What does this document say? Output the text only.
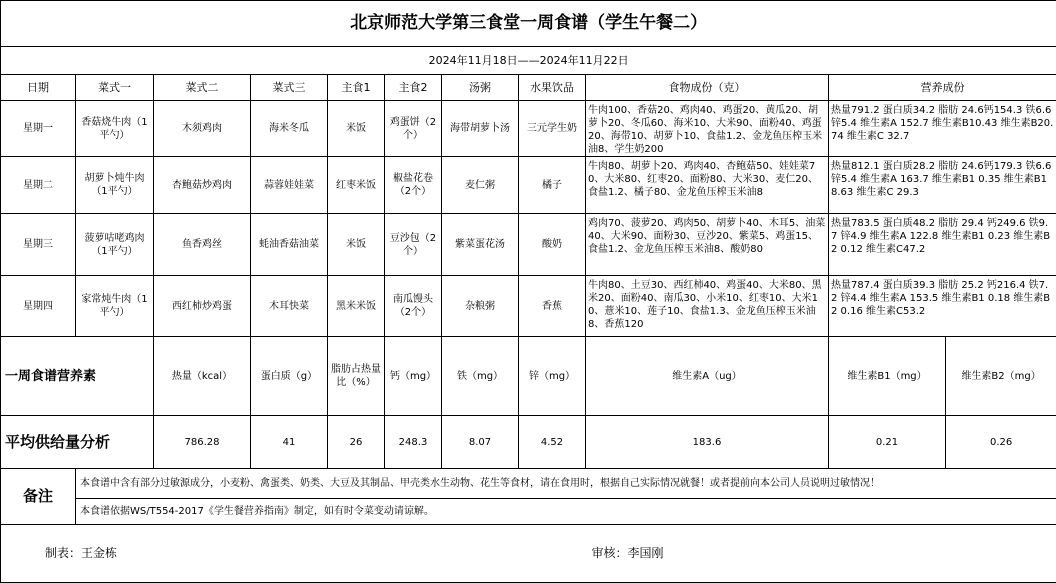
北京师范大学第三食堂一周食谱（学生午餐二）											
2024年11月18日——2024年11月22日											
日期	菜式一	菜式二	菜式三	主食1	主食2	汤粥	水果饮品	食物成份（克）	营养成份		
星期一	香菇烧牛肉（1平勺）	木须鸡肉	海米冬瓜	米饭	鸡蛋饼（2个）	海带胡萝卜汤	三元学生奶	牛肉100、香菇20、鸡肉40、鸡蛋20、黄瓜20、胡萝卜20、冬瓜60、海米10、大米90、面粉40、鸡蛋20、海带10、胡萝卜10、食盐1.2、金龙鱼压榨玉米油8、学生奶200	热量791.2 蛋白质34.2 脂肪 24.6钙154.3 铁6.6锌5.4 维生素A 152.7 维生素B10.43 维生素B20.74 维生素C 32.7		
星期二	胡萝卜炖牛肉（1平勺）	杏鲍菇炒鸡肉	蒜蓉娃娃菜	红枣米饭	椒盐花卷（2个）	麦仁粥	橘子	牛肉80、胡萝卜20、鸡肉40、杏鲍菇50、娃娃菜70、大米80、红枣20、面粉80、大米30、麦仁20、食盐1.2、橘子80、金龙鱼压榨玉米油8	热量812.1 蛋白质28.2 脂肪 24.6钙179.3 铁6.6 锌5.4 维生素A 163.7 维生素B1 0.35 维生素B18.63 维生素C 29.3		
星期三	菠萝咕咾鸡肉（1平勺）	鱼香鸡丝	蚝油香菇油菜	米饭	豆沙包（2个）	紫菜蛋花汤	酸奶	鸡肉70、菠萝20、鸡肉50、胡萝卜40、木耳5、油菜40、大米90、面粉30、豆沙20、紫菜5、鸡蛋15、食盐1.2、金龙鱼压榨玉米油8、酸奶80	热量783.5 蛋白质48.2 脂肪 29.4 钙249.6 铁9.7 锌4.9 维生素A 122.8 维生素B1 0.23 维生素B2 0.12 维生素C47.2		
星期四	家常炖牛肉（1平勺）	西红柿炒鸡蛋	木耳快菜	黑米米饭	南瓜馒头（2个）	杂粮粥	香蕉	牛肉80、土豆30、西红柿40、鸡蛋40、大米80、黑米20、面粉40、南瓜30、小米10、红枣10、大米10、薏米10、莲子10、食盐1.3、金龙鱼压榨玉米油8、香蕉120	热量787.4 蛋白质39.3 脂肪 25.2 钙216.4 铁7.2 锌4.4 维生素A 153.5 维生素B1 0.18 维生素B2 0.16 维生素C53.2		
一周食谱营养素		热量（kcal）	蛋白质（g）	脂肪占热量比（%）	钙（mg）	铁（mg）	锌（mg）	维生素A（ug）	维生素B1（mg）	维生素B2（mg）	
平均供给量分析		786.28	41	26	248.3	8.07	4.52	183.6	0.21	0.26	
备注	本食谱中含有部分过敏源成分，小麦粉、禽蛋类、奶类、大豆及其制品、甲壳类水生动物、花生等食材，请在食用时，根据自己实际情况就餐！或者提前向本公司人员说明过敏情况！										
	本食谱依据WS/T554-2017《学生餐营养指南》制定，如有时令菜变动请谅解。										
制表：王金栋								审核：李国刚			
